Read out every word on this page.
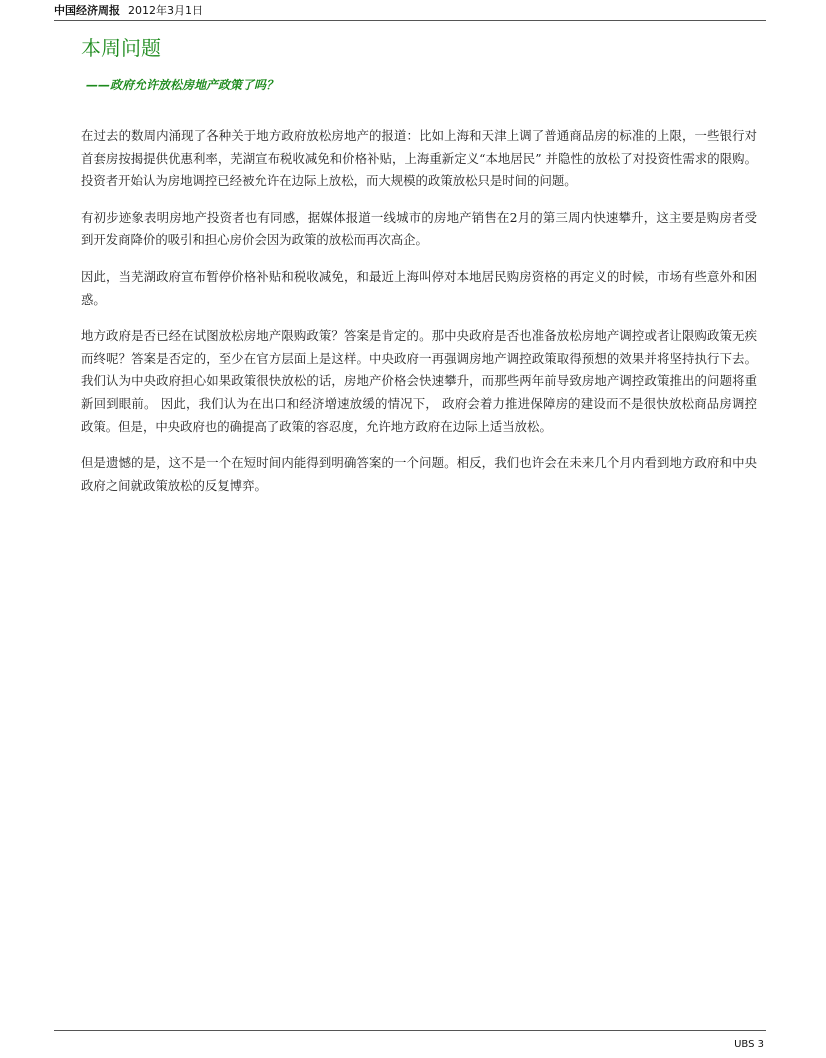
中国经济周报 2012年3月1日
本周问题
——政府允许放松房地产政策了吗？

在过去的数周内涌现了各种关于地方政府放松房地产的报道：比如上海和天津上调了普通商品房的标准的上限，一些银行对首套房按揭提供优惠利率，芜湖宣布税收减免和价格补贴，上海重新定义“本地居民” 并隐性的放松了对投资性需求的限购。 投资者开始认为房地调控已经被允许在边际上放松，而大规模的政策放松只是时间的问题。

有初步迹象表明房地产投资者也有同感，据媒体报道一线城市的房地产销售在2月的第三周内快速攀升，这主要是购房者受到开发商降价的吸引和担心房价会因为政策的放松而再次高企。

因此，当芜湖政府宣布暂停价格补贴和税收减免，和最近上海叫停对本地居民购房资格的再定义的时候，市场有些意外和困惑。

地方政府是否已经在试图放松房地产限购政策？答案是肯定的。那中央政府是否也准备放松房地产调控或者让限购政策无疾而终呢？答案是否定的，至少在官方层面上是这样。中央政府一再强调房地产调控政策取得预想的效果并将坚持执行下去。我们认为中央政府担心如果政策很快放松的话，房地产价格会快速攀升，而那些两年前导致房地产调控政策推出的问题将重新回到眼前。 因此，我们认为在出口和经济增速放缓的情况下， 政府会着力推进保障房的建设而不是很快放松商品房调控政策。但是，中央政府也的确提高了政策的容忍度，允许地方政府在边际上适当放松。

但是遗憾的是，这不是一个在短时间内能得到明确答案的一个问题。相反，我们也许会在未来几个月内看到地方政府和中央政府之间就政策放松的反复博弈。

UBS 3
